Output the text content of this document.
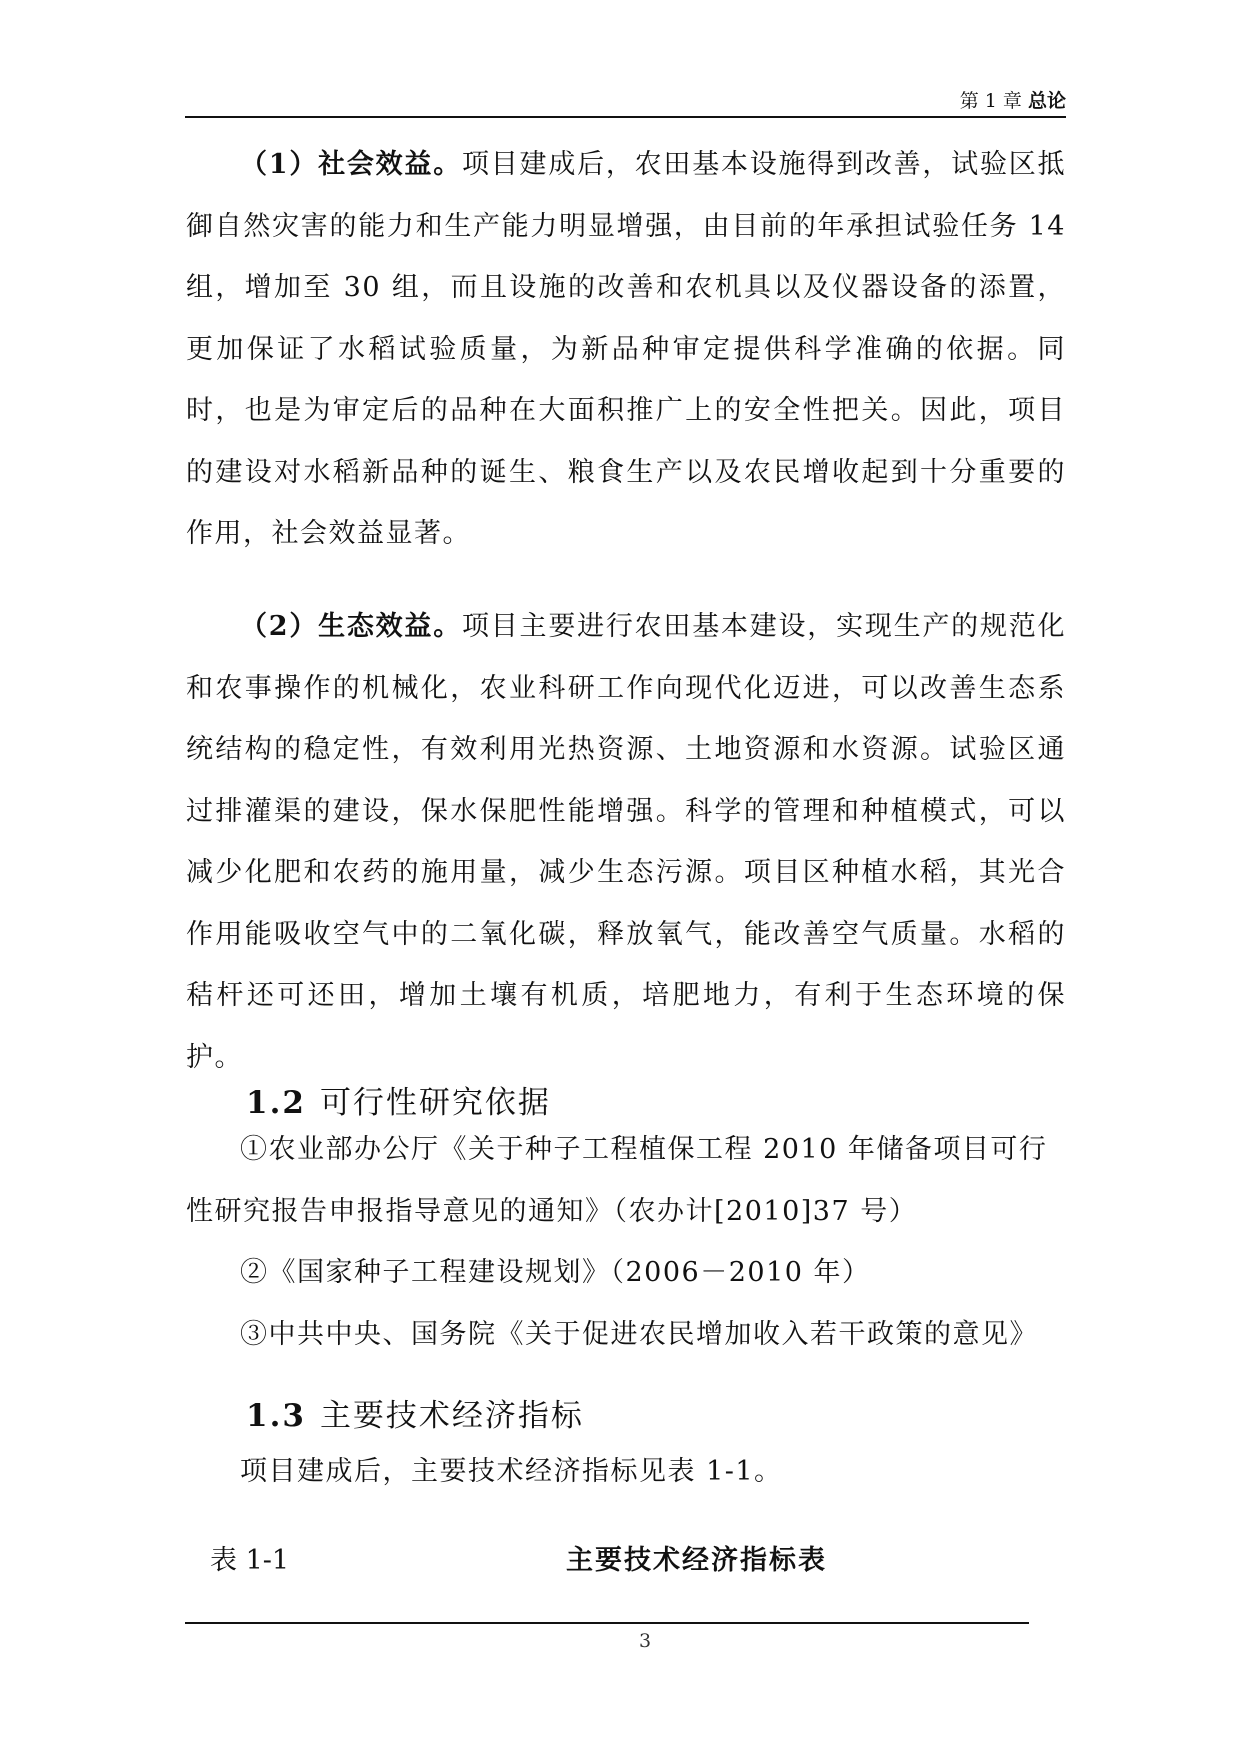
第 1 章 总论

（1）社会效益。项目建成后，农田基本设施得到改善，试验区抵御自然灾害的能力和生产能力明显增强，由目前的年承担试验任务 14 组，增加至 30 组，而且设施的改善和农机具以及仪器设备的添置，更加保证了水稻试验质量，为新品种审定提供科学准确的依据。同时，也是为审定后的品种在大面积推广上的安全性把关。因此，项目的建设对水稻新品种的诞生、粮食生产以及农民增收起到十分重要的作用，社会效益显著。

（2）生态效益。项目主要进行农田基本建设，实现生产的规范化和农事操作的机械化，农业科研工作向现代化迈进，可以改善生态系统结构的稳定性，有效利用光热资源、土地资源和水资源。试验区通过排灌渠的建设，保水保肥性能增强。科学的管理和种植模式，可以减少化肥和农药的施用量，减少生态污源。项目区种植水稻，其光合作用能吸收空气中的二氧化碳，释放氧气，能改善空气质量。水稻的秸杆还可还田，增加土壤有机质，培肥地力，有利于生态环境的保护。

1.2 可行性研究依据

①农业部办公厅《关于种子工程植保工程 2010 年储备项目可行性研究报告申报指导意见的通知》（农办计[2010]37 号）

②《国家种子工程建设规划》（2006－2010 年）

③中共中央、国务院《关于促进农民增加收入若干政策的意见》

1.3 主要技术经济指标

项目建成后，主要技术经济指标见表 1-1。

表 1-1	主要技术经济指标表
3
